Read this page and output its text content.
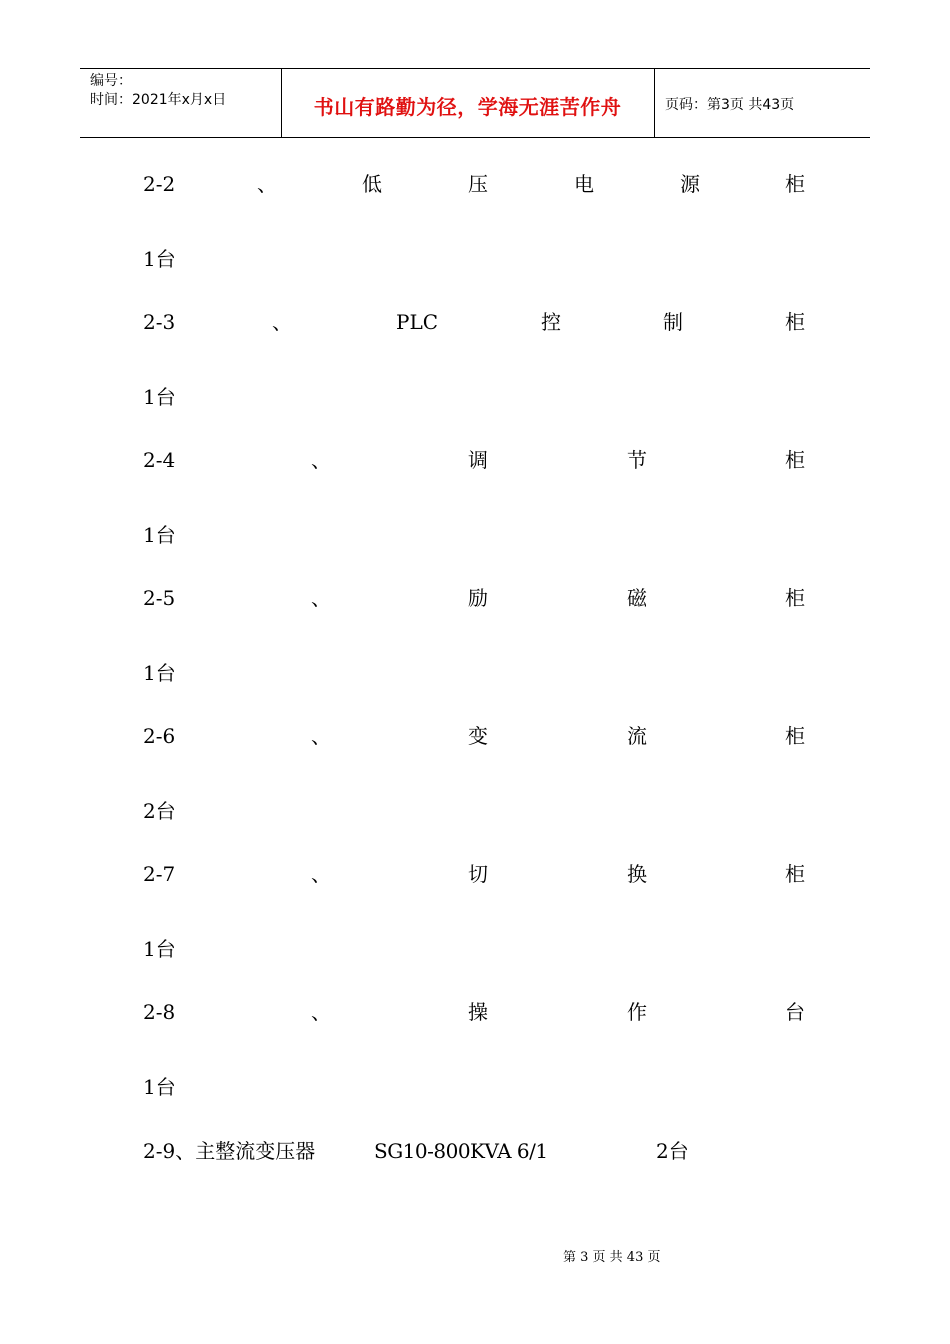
编号：
时间：2021年x月x日	书山有路勤为径，学海无涯苦作舟	页码：第3页 共43页
2-2	、	低	压	电	源	柜
1台
2-3	、	PLC	控	制	柜
1台
2-4	、	调	节	柜
1台
2-5	、	励	磁	柜
1台
2-6	、	变	流	柜
2台
2-7	、	切	换	柜
1台
2-8	、	操	作	台
1台
2-9、主整流变压器	SG10-800KVA 6/1	2台
第 3 页 共 43 页
